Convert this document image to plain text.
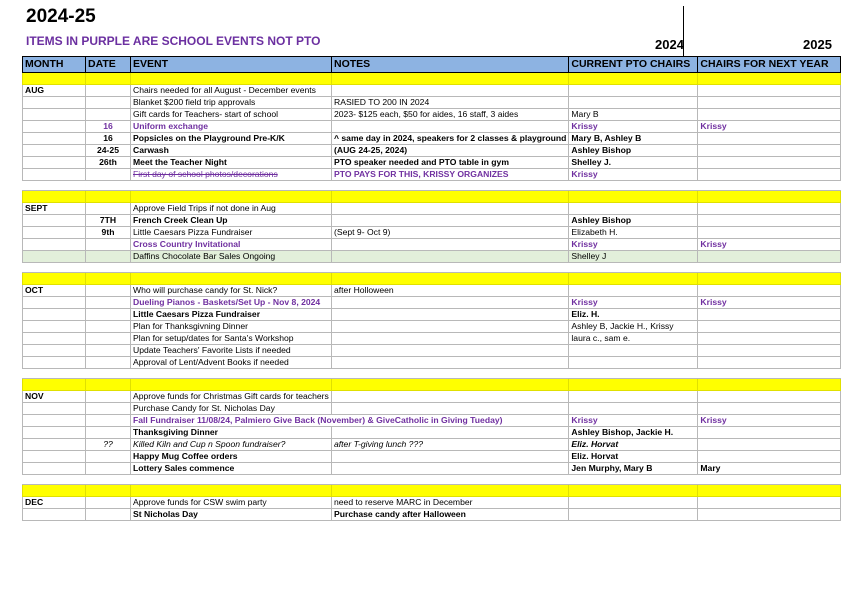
2024-25
ITEMS IN PURPLE ARE SCHOOL EVENTS NOT PTO	2024	2025
MONTH	DATE	EVENT	NOTES	CURRENT PTO CHAIRS	CHAIRS FOR NEXT YEAR

AUG		Chairs needed for all August - December events			
		Blanket $200 field trip approvals	RASIED TO 200 IN 2024		
		Gift cards for Teachers- start of school	2023- $125 each, $50 for aides, 16 staff, 3 aides	Mary B	
	16	Uniform exchange		Krissy	Krissy
	16	Popsicles on the Playground Pre-K/K	^ same day in 2024, speakers for 2 classes & playground	Mary B, Ashley B	
	24-25	Carwash	(AUG 24-25, 2024)	Ashley Bishop	
	26th	Meet the Teacher Night	PTO speaker needed and PTO table in gym	Shelley J.	
		First day of school photos/decorations	PTO PAYS FOR THIS, KRISSY ORGANIZES	Krissy	

SEPT		Approve Field Trips if not done in Aug			
	7TH	French Creek Clean Up		Ashley Bishop	
	9th	Little Caesars Pizza Fundraiser	(Sept 9- Oct 9)	Elizabeth H.	
		Cross Country Invitational		Krissy	Krissy
		Daffins Chocolate Bar Sales Ongoing		Shelley J	

OCT		Who will purchase candy for St. Nick?	after Holloween		
		Dueling Pianos - Baskets/Set Up - Nov 8, 2024		Krissy	Krissy
		Little Caesars Pizza Fundraiser		Eliz. H.	
		Plan for Thanksgivning Dinner		Ashley B, Jackie H., Krissy	
		Plan for setup/dates for Santa's Workshop		laura c., sam e.	
		Update Teachers' Favorite Lists if needed			
		Approval of Lent/Advent Books if needed			

NOV		Approve funds for Christmas Gift cards for teachers			
		Purchase Candy for St. Nicholas Day			
		Fall Fundraiser 11/08/24, Palmiero Give Back (November) & GiveCatholic in Giving Tueday)		Krissy	Krissy
		Thanksgiving Dinner		Ashley Bishop, Jackie H.	
	??	Killed Kiln and Cup n Spoon fundraiser?	after T-giving lunch ???	Eliz. Horvat	
		Happy Mug Coffee orders		Eliz. Horvat	
		Lottery Sales commence		Jen Murphy, Mary B	Mary

DEC		Approve funds for CSW swim party	need to reserve MARC in December		
		St Nicholas Day	Purchase candy after Halloween		
